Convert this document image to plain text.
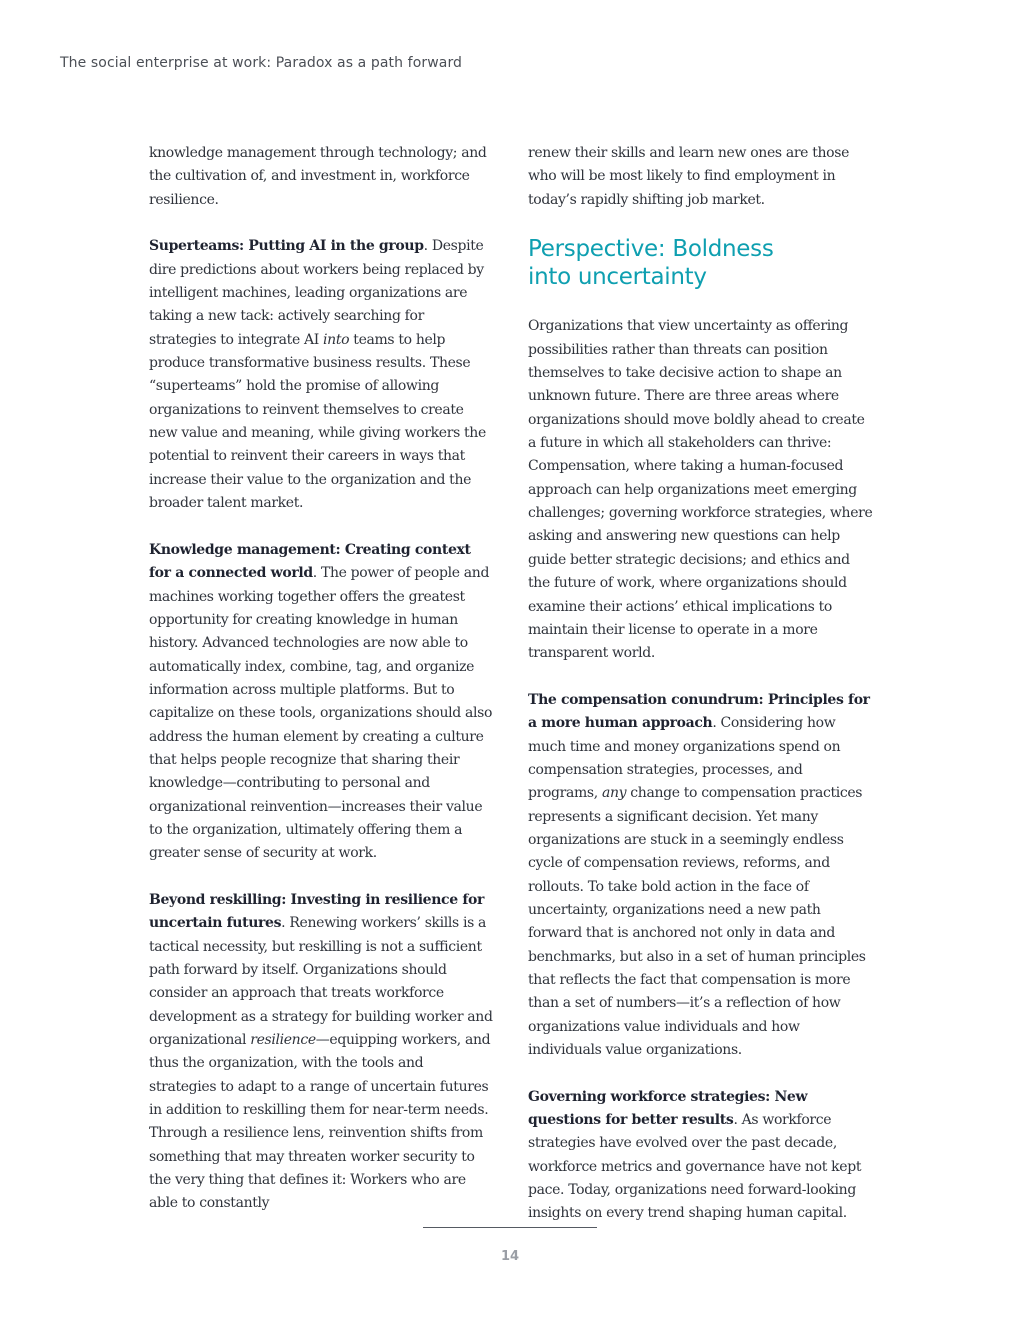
The social enterprise at work: Paradox as a path forward

knowledge management through technology; and the cultivation of, and investment in, workforce resilience.

Superteams: Putting AI in the group. Despite dire predictions about workers being replaced by intelligent machines, leading organizations are taking a new tack: actively searching for strategies to integrate AI into teams to help produce transformative business results. These “superteams” hold the promise of allowing organizations to reinvent themselves to create new value and meaning, while giving workers the potential to reinvent their careers in ways that increase their value to the organization and the broader talent market.

Knowledge management: Creating context for a connected world. The power of people and machines working together offers the greatest opportunity for creating knowledge in human history. Advanced technologies are now able to automatically index, combine, tag, and organize information across multiple platforms. But to capitalize on these tools, organizations should also address the human element by creating a culture that helps people recognize that sharing their knowledge—contributing to personal and organizational reinvention—increases their value to the organization, ultimately offering them a greater sense of security at work.

Beyond reskilling: Investing in resilience for uncertain futures. Renewing workers’ skills is a tactical necessity, but reskilling is not a sufficient path forward by itself. Organizations should consider an approach that treats workforce development as a strategy for building worker and organizational resilience—equipping workers, and thus the organization, with the tools and strategies to adapt to a range of uncertain futures in addition to reskilling them for near-term needs. Through a resilience lens, reinvention shifts from something that may threaten worker security to the very thing that defines it: Workers who are able to constantly

renew their skills and learn new ones are those who will be most likely to find employment in today’s rapidly shifting job market.

Perspective: Boldness
into uncertainty

Organizations that view uncertainty as offering possibilities rather than threats can position themselves to take decisive action to shape an unknown future. There are three areas where organizations should move boldly ahead to create a future in which all stakeholders can thrive: Compensation, where taking a human-focused approach can help organizations meet emerging challenges; governing workforce strategies, where asking and answering new questions can help guide better strategic decisions; and ethics and the future of work, where organizations should examine their actions’ ethical implications to maintain their license to operate in a more transparent world.

The compensation conundrum: Principles for a more human approach. Considering how much time and money organizations spend on compensation strategies, processes, and programs, any change to compensation practices represents a significant decision. Yet many organizations are stuck in a seemingly endless cycle of compensation reviews, reforms, and rollouts. To take bold action in the face of uncertainty, organizations need a new path forward that is anchored not only in data and benchmarks, but also in a set of human principles that reflects the fact that compensation is more than a set of numbers—it’s a reflection of how organizations value individuals and how individuals value organizations.

Governing workforce strategies: New questions for better results. As workforce strategies have evolved over the past decade, workforce metrics and governance have not kept pace. Today, organizations need forward-looking insights on every trend shaping human capital.

14
